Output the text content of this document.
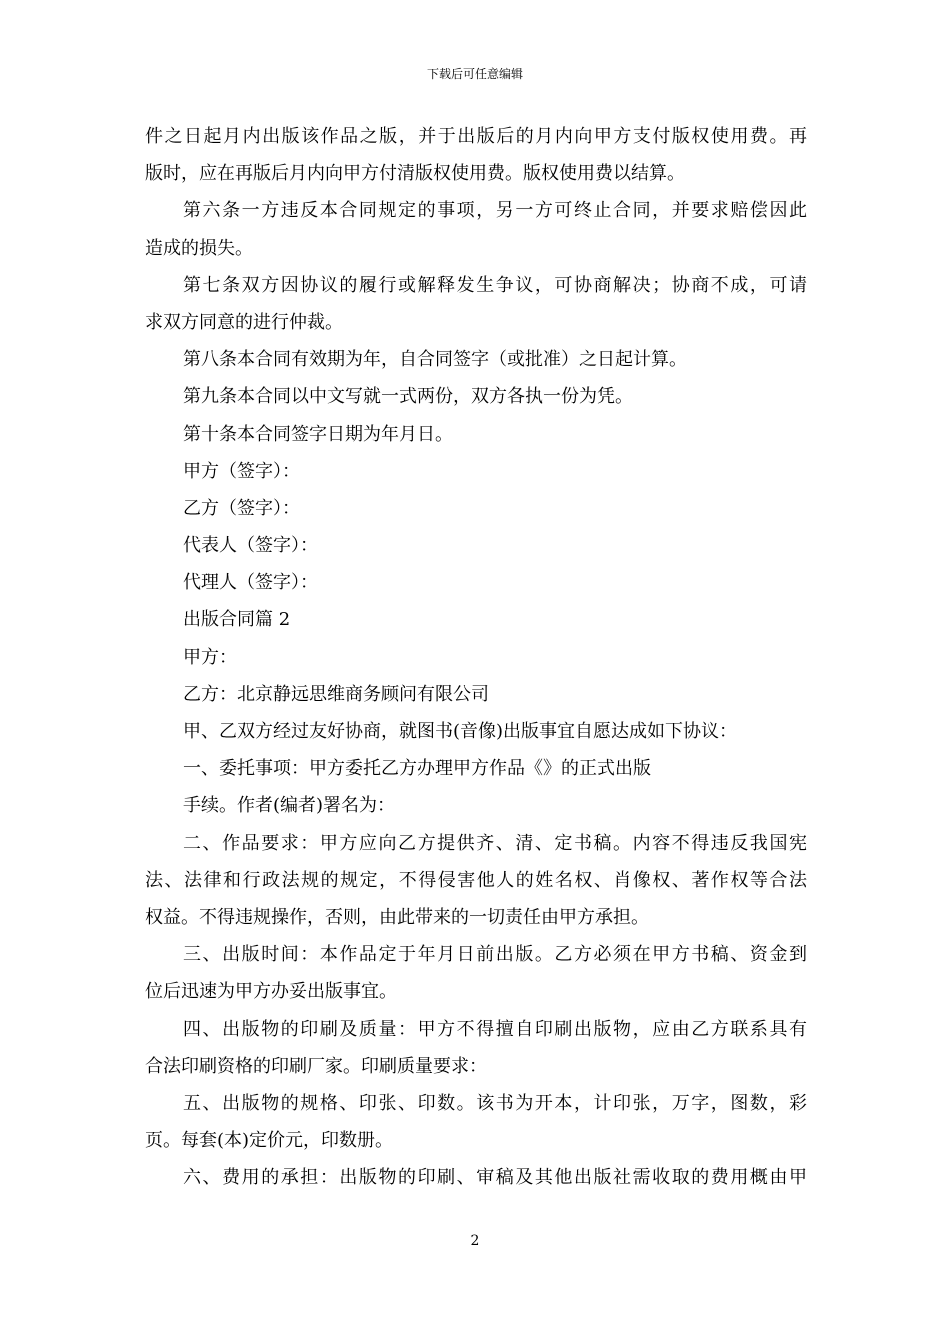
下载后可任意编辑
件之日起月内出版该作品之版，并于出版后的月内向甲方支付版权使用费。再
版时，应在再版后月内向甲方付清版权使用费。版权使用费以结算。
第六条一方违反本合同规定的事项，另一方可终止合同，并要求赔偿因此
造成的损失。
第七条双方因协议的履行或解释发生争议，可协商解决；协商不成，可请
求双方同意的进行仲裁。
第八条本合同有效期为年，自合同签字（或批准）之日起计算。
第九条本合同以中文写就一式两份，双方各执一份为凭。
第十条本合同签字日期为年月日。
甲方（签字）：
乙方（签字）：
代表人（签字）：
代理人（签字）：
出版合同篇 2
甲方：
乙方：北京静远思维商务顾问有限公司
甲、乙双方经过友好协商，就图书(音像)出版事宜自愿达成如下协议：
一、委托事项：甲方委托乙方办理甲方作品《》的正式出版
手续。作者(编者)署名为：
二、作品要求：甲方应向乙方提供齐、清、定书稿。内容不得违反我国宪
法、法律和行政法规的规定，不得侵害他人的姓名权、肖像权、著作权等合法
权益。不得违规操作，否则，由此带来的一切责任由甲方承担。
三、出版时间：本作品定于年月日前出版。乙方必须在甲方书稿、资金到
位后迅速为甲方办妥出版事宜。
四、出版物的印刷及质量：甲方不得擅自印刷出版物，应由乙方联系具有
合法印刷资格的印刷厂家。印刷质量要求：
五、出版物的规格、印张、印数。该书为开本，计印张，万字，图数，彩
页。每套(本)定价元，印数册。
六、费用的承担：出版物的印刷、审稿及其他出版社需收取的费用概由甲
2
